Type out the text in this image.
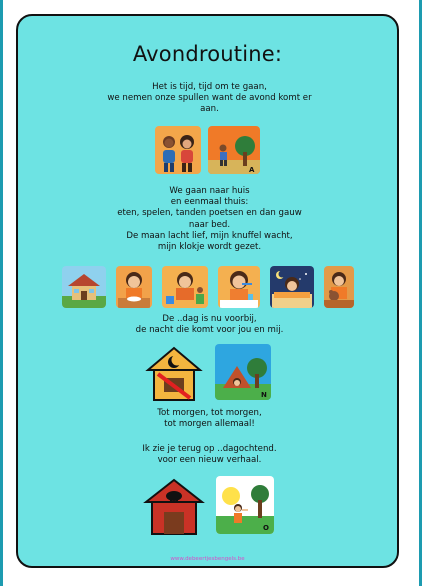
Avondroutine:
Het is tijd, tijd om te gaan,
we nemen onze spullen want de avond komt er
aan.
A
We gaan naar huis
en eenmaal thuis:
eten, spelen, tanden poetsen en dan gauw
naar bed.
De maan lacht lief, mijn knuffel wacht,
mijn klokje wordt gezet.
De ..dag is nu voorbij,
de nacht die komt voor jou en mij.
N
Tot morgen, tot morgen,
tot morgen allemaal!
Ik zie je terug op ..dagochtend.
voor een nieuw verhaal.
O
www.debeertjesbengels.be
